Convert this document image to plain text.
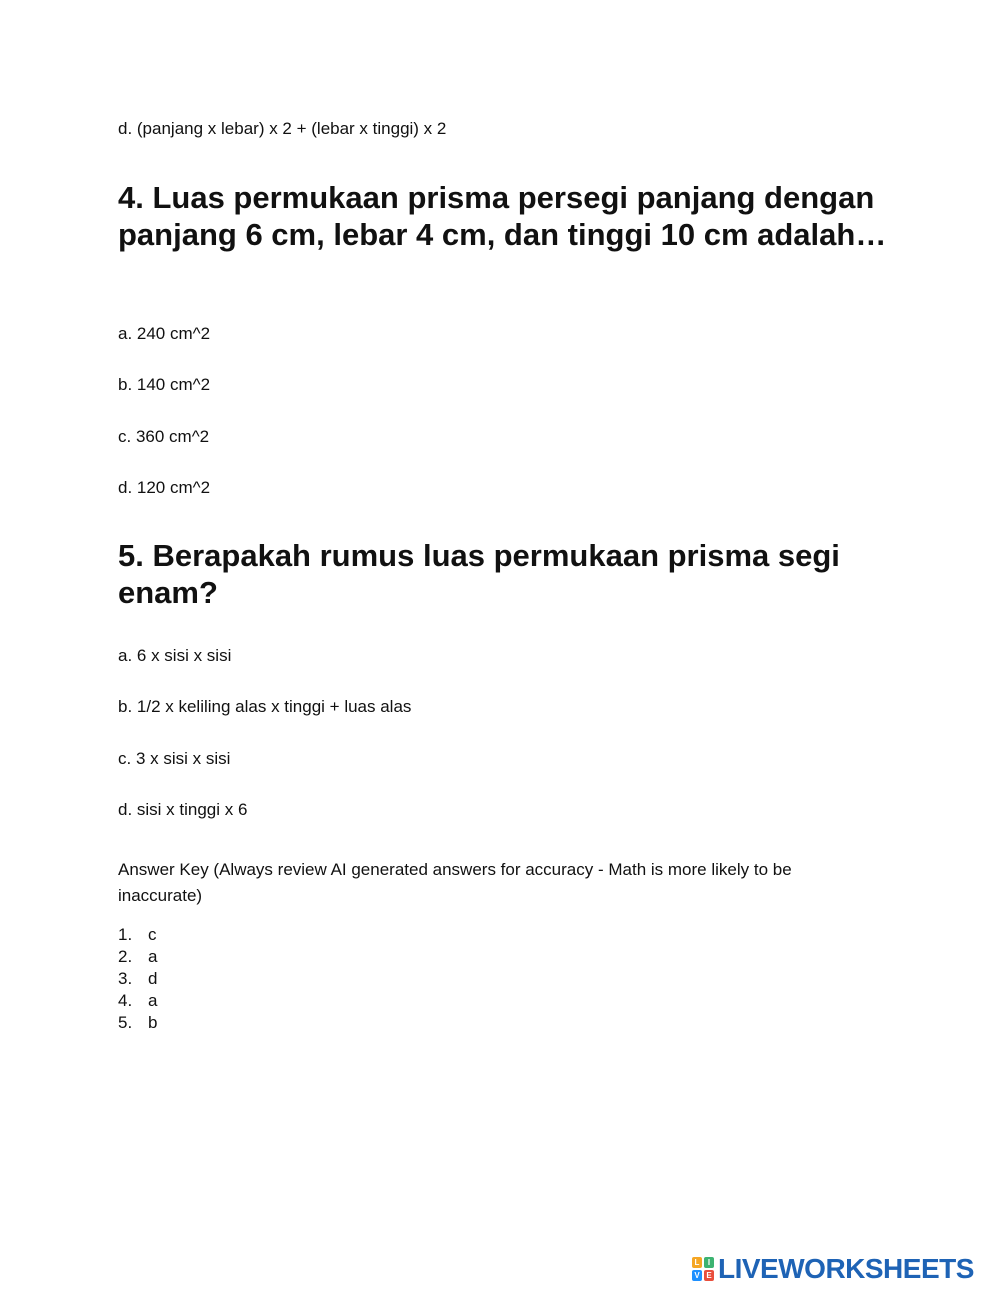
d. (panjang x lebar) x 2 + (lebar x tinggi) x 2
4. Luas permukaan prisma persegi panjang dengan panjang 6 cm, lebar 4 cm, dan tinggi 10 cm adalah…
a. 240 cm^2
b. 140 cm^2
c. 360 cm^2
d. 120 cm^2
5. Berapakah rumus luas permukaan prisma segi enam?
a. 6 x sisi x sisi
b. 1/2 x keliling alas x tinggi + luas alas
c. 3 x sisi x sisi
d. sisi x tinggi x 6
Answer Key (Always review AI generated answers for accuracy - Math is more likely to be inaccurate)
1. c
2. a
3. d
4. a
5. b
L	I
V E LIVEWORKSHEETS
